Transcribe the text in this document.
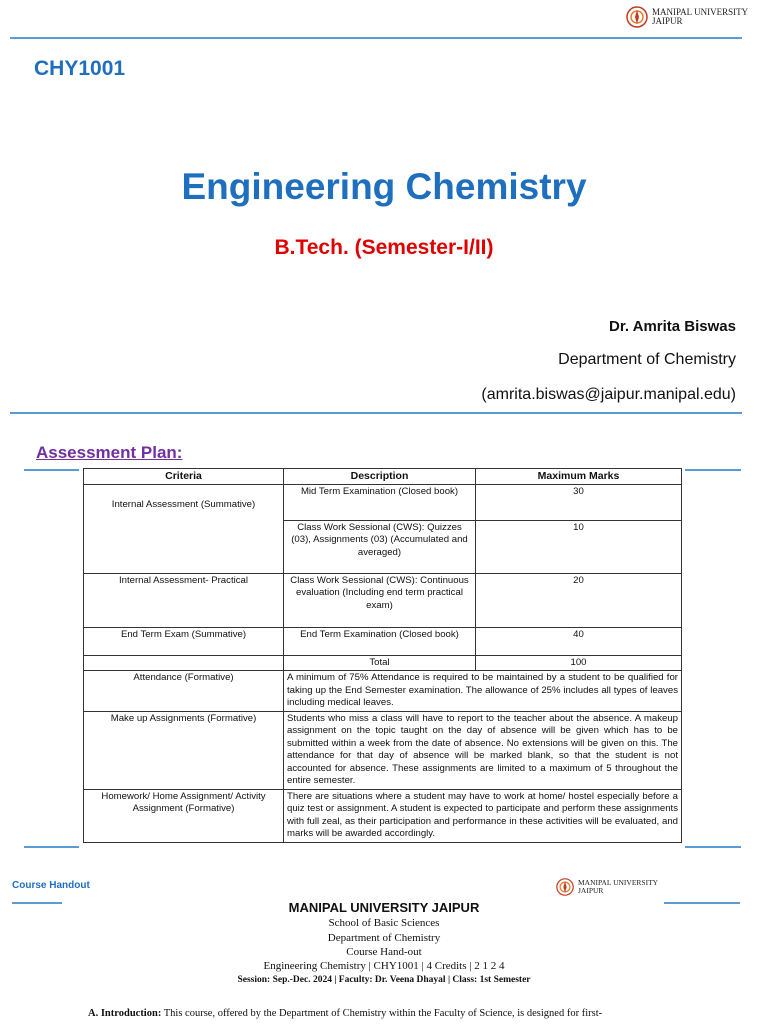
MANIPAL UNIVERSITY
JAIPUR
CHY1001
Engineering Chemistry
B.Tech. (Semester-I/II)
Dr. Amrita Biswas
Department of Chemistry
(amrita.biswas@jaipur.manipal.edu)
Assessment Plan:
Criteria	Description	Maximum Marks
Internal Assessment (Summative)	Mid Term Examination (Closed book)	30
	Class Work Sessional (CWS): Quizzes (03), Assignments (03) (Accumulated and averaged)	10
Internal Assessment- Practical	Class Work Sessional (CWS): Continuous evaluation (Including end term practical exam)	20
End Term Exam (Summative)	End Term Examination (Closed book)	40
	Total	100
Attendance (Formative)	A minimum of 75% Attendance is required to be maintained by a student to be qualified for taking up the End Semester examination. The allowance of 25% includes all types of leaves including medical leaves.	
Make up Assignments (Formative)	Students who miss a class will have to report to the teacher about the absence. A makeup assignment on the topic taught on the day of absence will be given which has to be submitted within a week from the date of absence. No extensions will be given on this. The attendance for that day of absence will be marked blank, so that the student is not accounted for absence. These assignments are limited to a maximum of 5 throughout the entire semester.	
Homework/ Home Assignment/ Activity Assignment (Formative)	There are situations where a student may have to work at home/ hostel especially before a quiz test or assignment. A student is expected to participate and perform these assignments with full zeal, as their participation and performance in these activities will be evaluated, and marks will be awarded accordingly.	
Course Handout	MANIPAL UNIVERSITY
JAIPUR
MANIPAL UNIVERSITY JAIPUR
School of Basic Sciences
Department of Chemistry
Course Hand-out
Engineering Chemistry | CHY1001 | 4 Credits | 2 1 2 4
Session: Sep.-Dec. 2024 | Faculty: Dr. Veena Dhayal | Class: 1st Semester
A. Introduction: This course, offered by the Department of Chemistry within the Faculty of Science, is designed for first-
